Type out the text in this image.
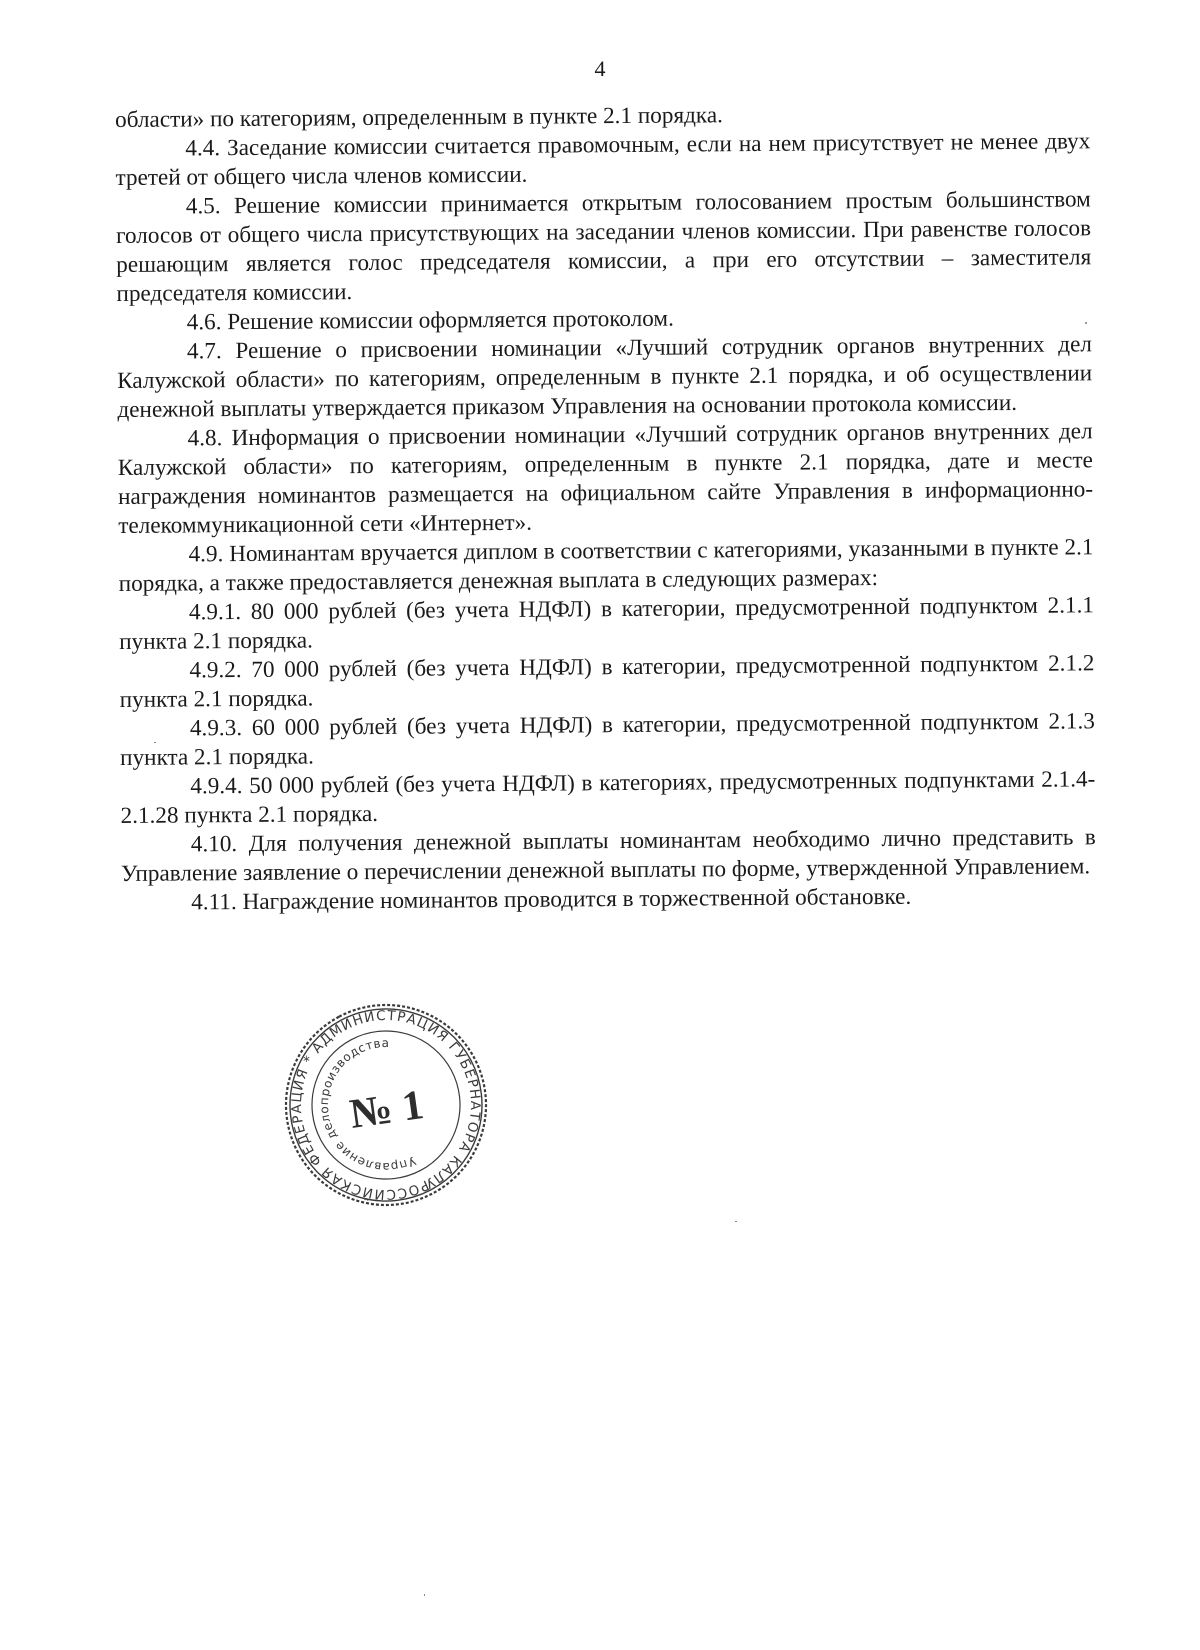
4

области» по категориям, определенным в пункте 2.1 порядка.

4.4. Заседание комиссии считается правомочным, если на нем присутствует не менее двух третей от общего числа членов комиссии.

4.5. Решение комиссии принимается открытым голосованием простым большинством голосов от общего числа присутствующих на заседании членов комиссии. При равенстве голосов решающим является голос председателя комиссии, а при его отсутствии – заместителя председателя комиссии.

4.6. Решение комиссии оформляется протоколом.

4.7. Решение о присвоении номинации «Лучший сотрудник органов внутренних дел Калужской области» по категориям, определенным в пункте 2.1 порядка, и об осуществлении денежной выплаты утверждается приказом Управления на основании протокола комиссии.

4.8. Информация о присвоении номинации «Лучший сотрудник органов внутренних дел Калужской области» по категориям, определенным в пункте 2.1 порядка, дате и месте награждения номинантов размещается на официальном сайте Управления в информационно-телекоммуникационной сети «Интернет».

4.9. Номинантам вручается диплом в соответствии с категориями, указанными в пункте 2.1 порядка, а также предоставляется денежная выплата в следующих размерах:

4.9.1. 80 000 рублей (без учета НДФЛ) в категории, предусмотренной подпунктом 2.1.1 пункта 2.1 порядка.

4.9.2. 70 000 рублей (без учета НДФЛ) в категории, предусмотренной подпунктом 2.1.2 пункта 2.1 порядка.

4.9.3. 60 000 рублей (без учета НДФЛ) в категории, предусмотренной подпунктом 2.1.3 пункта 2.1 порядка.

4.9.4. 50 000 рублей (без учета НДФЛ) в категориях, предусмотренных подпунктами 2.1.4-2.1.28 пункта 2.1 порядка.

4.10. Для получения денежной выплаты номинантам необходимо лично представить в Управление заявление о перечислении денежной выплаты по форме, утвержденной Управлением.

4.11. Награждение номинантов проводится в торжественной обстановке.

РОССИЙСКАЯ ФЕДЕРАЦИЯ * АДМИНИСТРАЦИЯ ГУБЕРНАТОРА КАЛУЖСКОЙ
Управление делопроизводства
№ 1
